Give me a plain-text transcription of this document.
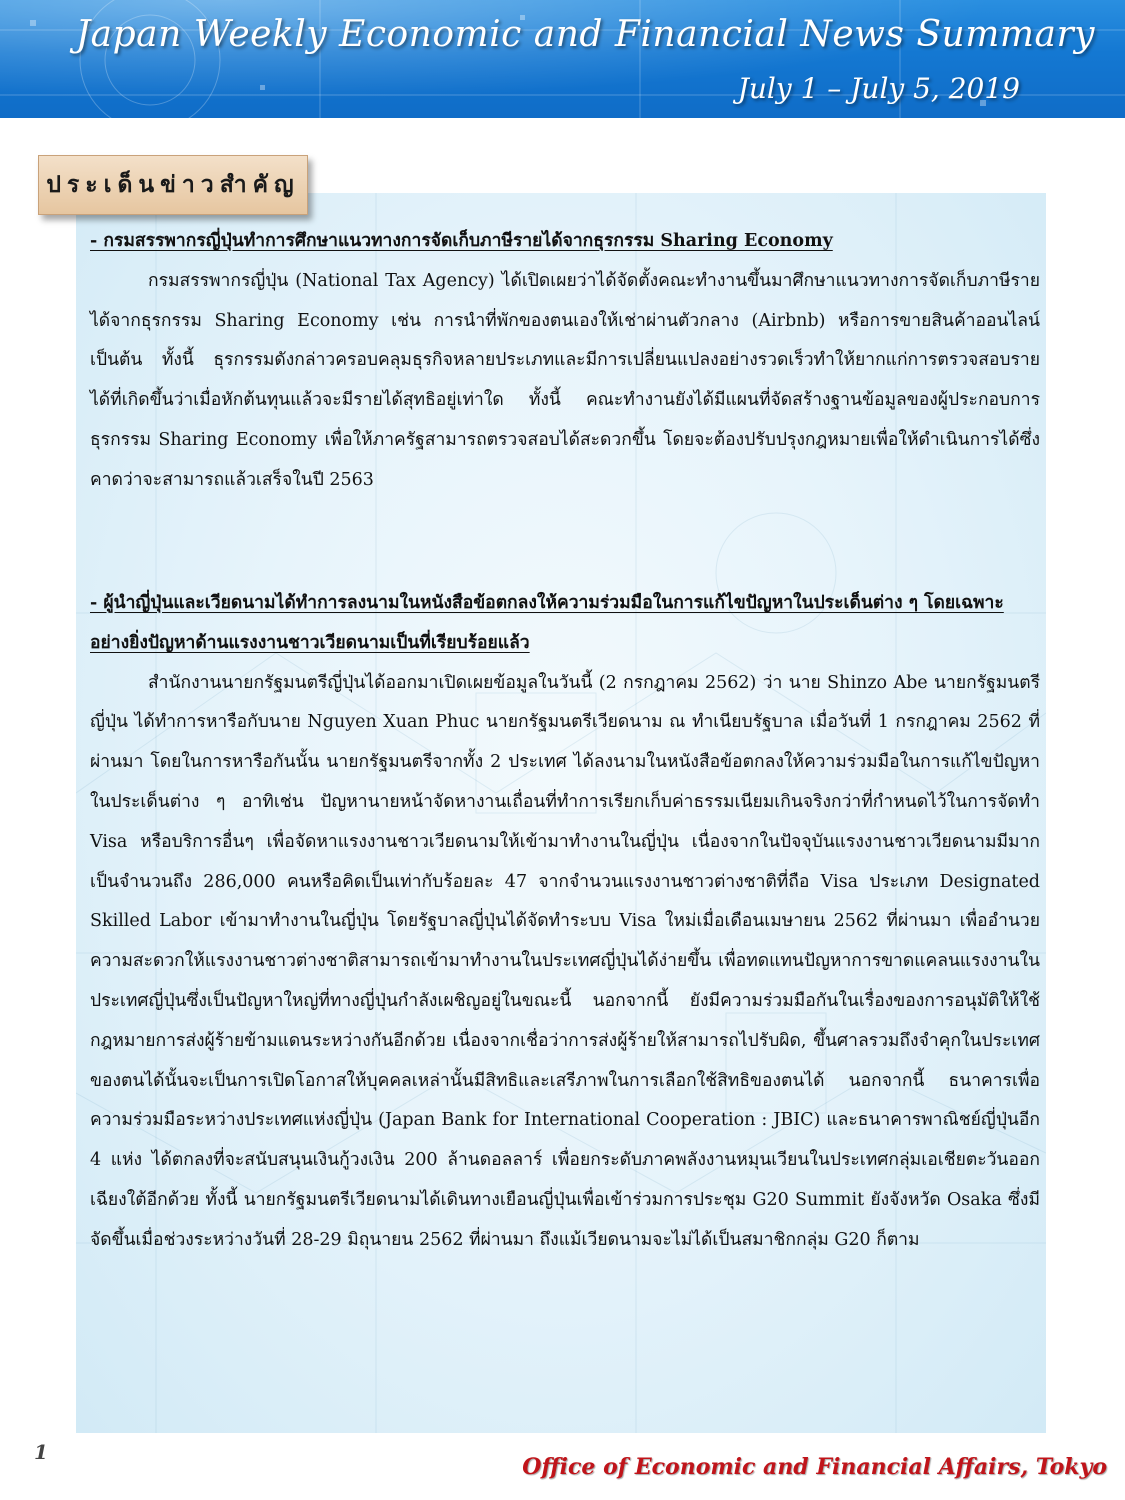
Japan Weekly Economic and Financial News Summary
July 1 – July 5, 2019
ประเด็นข่าวสำคัญ
- กรมสรรพากรญี่ปุ่นทำการศึกษาแนวทางการจัดเก็บภาษีรายได้จากธุรกรรม Sharing Economy
กรมสรรพากรญี่ปุ่น (National Tax Agency) ได้เปิดเผยว่าได้จัดตั้งคณะทำงานขึ้นมาศึกษาแนวทางการจัดเก็บภาษีรายได้จากธุรกรรม Sharing Economy เช่น การนำที่พักของตนเองให้เช่าผ่านตัวกลาง (Airbnb) หรือการขายสินค้าออนไลน์ เป็นต้น ทั้งนี้ ธุรกรรมดังกล่าวครอบคลุมธุรกิจหลายประเภทและมีการเปลี่ยนแปลงอย่างรวดเร็วทำให้ยากแก่การตรวจสอบรายได้ที่เกิดขึ้นว่าเมื่อหักต้นทุนแล้วจะมีรายได้สุทธิอยู่เท่าใด ทั้งนี้ คณะทำงานยังได้มีแผนที่จัดสร้างฐานข้อมูลของผู้ประกอบการธุรกรรม Sharing Economy เพื่อให้ภาครัฐสามารถตรวจสอบได้สะดวกขึ้น โดยจะต้องปรับปรุงกฎหมายเพื่อให้ดำเนินการได้ซึ่งคาดว่าจะสามารถแล้วเสร็จในปี 2563
- ผู้นำญี่ปุ่นและเวียดนามได้ทำการลงนามในหนังสือข้อตกลงให้ความร่วมมือในการแก้ไขปัญหาในประเด็นต่าง ๆ โดยเฉพาะอย่างยิ่งปัญหาด้านแรงงานชาวเวียดนามเป็นที่เรียบร้อยแล้ว
สำนักงานนายกรัฐมนตรีญี่ปุ่นได้ออกมาเปิดเผยข้อมูลในวันนี้ (2 กรกฎาคม 2562) ว่า นาย Shinzo Abe นายกรัฐมนตรีญี่ปุ่น ได้ทำการหารือกับนาย Nguyen Xuan Phuc นายกรัฐมนตรีเวียดนาม ณ ทำเนียบรัฐบาล เมื่อวันที่ 1 กรกฎาคม 2562 ที่ผ่านมา โดยในการหารือกันนั้น นายกรัฐมนตรีจากทั้ง 2 ประเทศ ได้ลงนามในหนังสือข้อตกลงให้ความร่วมมือในการแก้ไขปัญหาในประเด็นต่าง ๆ อาทิเช่น ปัญหานายหน้าจัดหางานเถื่อนที่ทำการเรียกเก็บค่าธรรมเนียมเกินจริงกว่าที่กำหนดไว้ในการจัดทำ Visa หรือบริการอื่นๆ เพื่อจัดหาแรงงานชาวเวียดนามให้เข้ามาทำงานในญี่ปุ่น เนื่องจากในปัจจุบันแรงงานชาวเวียดนามมีมากเป็นจำนวนถึง 286,000 คนหรือคิดเป็นเท่ากับร้อยละ 47 จากจำนวนแรงงานชาวต่างชาติที่ถือ Visa ประเภท Designated Skilled Labor เข้ามาทำงานในญี่ปุ่น โดยรัฐบาลญี่ปุ่นได้จัดทำระบบ Visa ใหม่เมื่อเดือนเมษายน 2562 ที่ผ่านมา เพื่ออำนวยความสะดวกให้แรงงานชาวต่างชาติสามารถเข้ามาทำงานในประเทศญี่ปุ่นได้ง่ายขึ้น เพื่อทดแทนปัญหาการขาดแคลนแรงงานในประเทศญี่ปุ่นซึ่งเป็นปัญหาใหญ่ที่ทางญี่ปุ่นกำลังเผชิญอยู่ในขณะนี้ นอกจากนี้ ยังมีความร่วมมือกันในเรื่องของการอนุมัติให้ใช้กฎหมายการส่งผู้ร้ายข้ามแดนระหว่างกันอีกด้วย เนื่องจากเชื่อว่าการส่งผู้ร้ายให้สามารถไปรับผิด, ขึ้นศาลรวมถึงจำคุกในประเทศของตนได้นั้นจะเป็นการเปิดโอกาสให้บุคคลเหล่านั้นมีสิทธิและเสรีภาพในการเลือกใช้สิทธิของตนได้ นอกจากนี้ ธนาคารเพื่อความร่วมมือระหว่างประเทศแห่งญี่ปุ่น (Japan Bank for International Cooperation : JBIC) และธนาคารพาณิชย์ญี่ปุ่นอีก 4 แห่ง ได้ตกลงที่จะสนับสนุนเงินกู้วงเงิน 200 ล้านดอลลาร์ เพื่อยกระดับภาคพลังงานหมุนเวียนในประเทศกลุ่มเอเชียตะวันออกเฉียงใต้อีกด้วย ทั้งนี้ นายกรัฐมนตรีเวียดนามได้เดินทางเยือนญี่ปุ่นเพื่อเข้าร่วมการประชุม G20 Summit ยังจังหวัด Osaka ซึ่งมีจัดขึ้นเมื่อช่วงระหว่างวันที่ 28-29 มิถุนายน 2562 ที่ผ่านมา ถึงแม้เวียดนามจะไม่ได้เป็นสมาชิกกลุ่ม G20 ก็ตาม
1
Office of Economic and Financial Affairs, Tokyo
